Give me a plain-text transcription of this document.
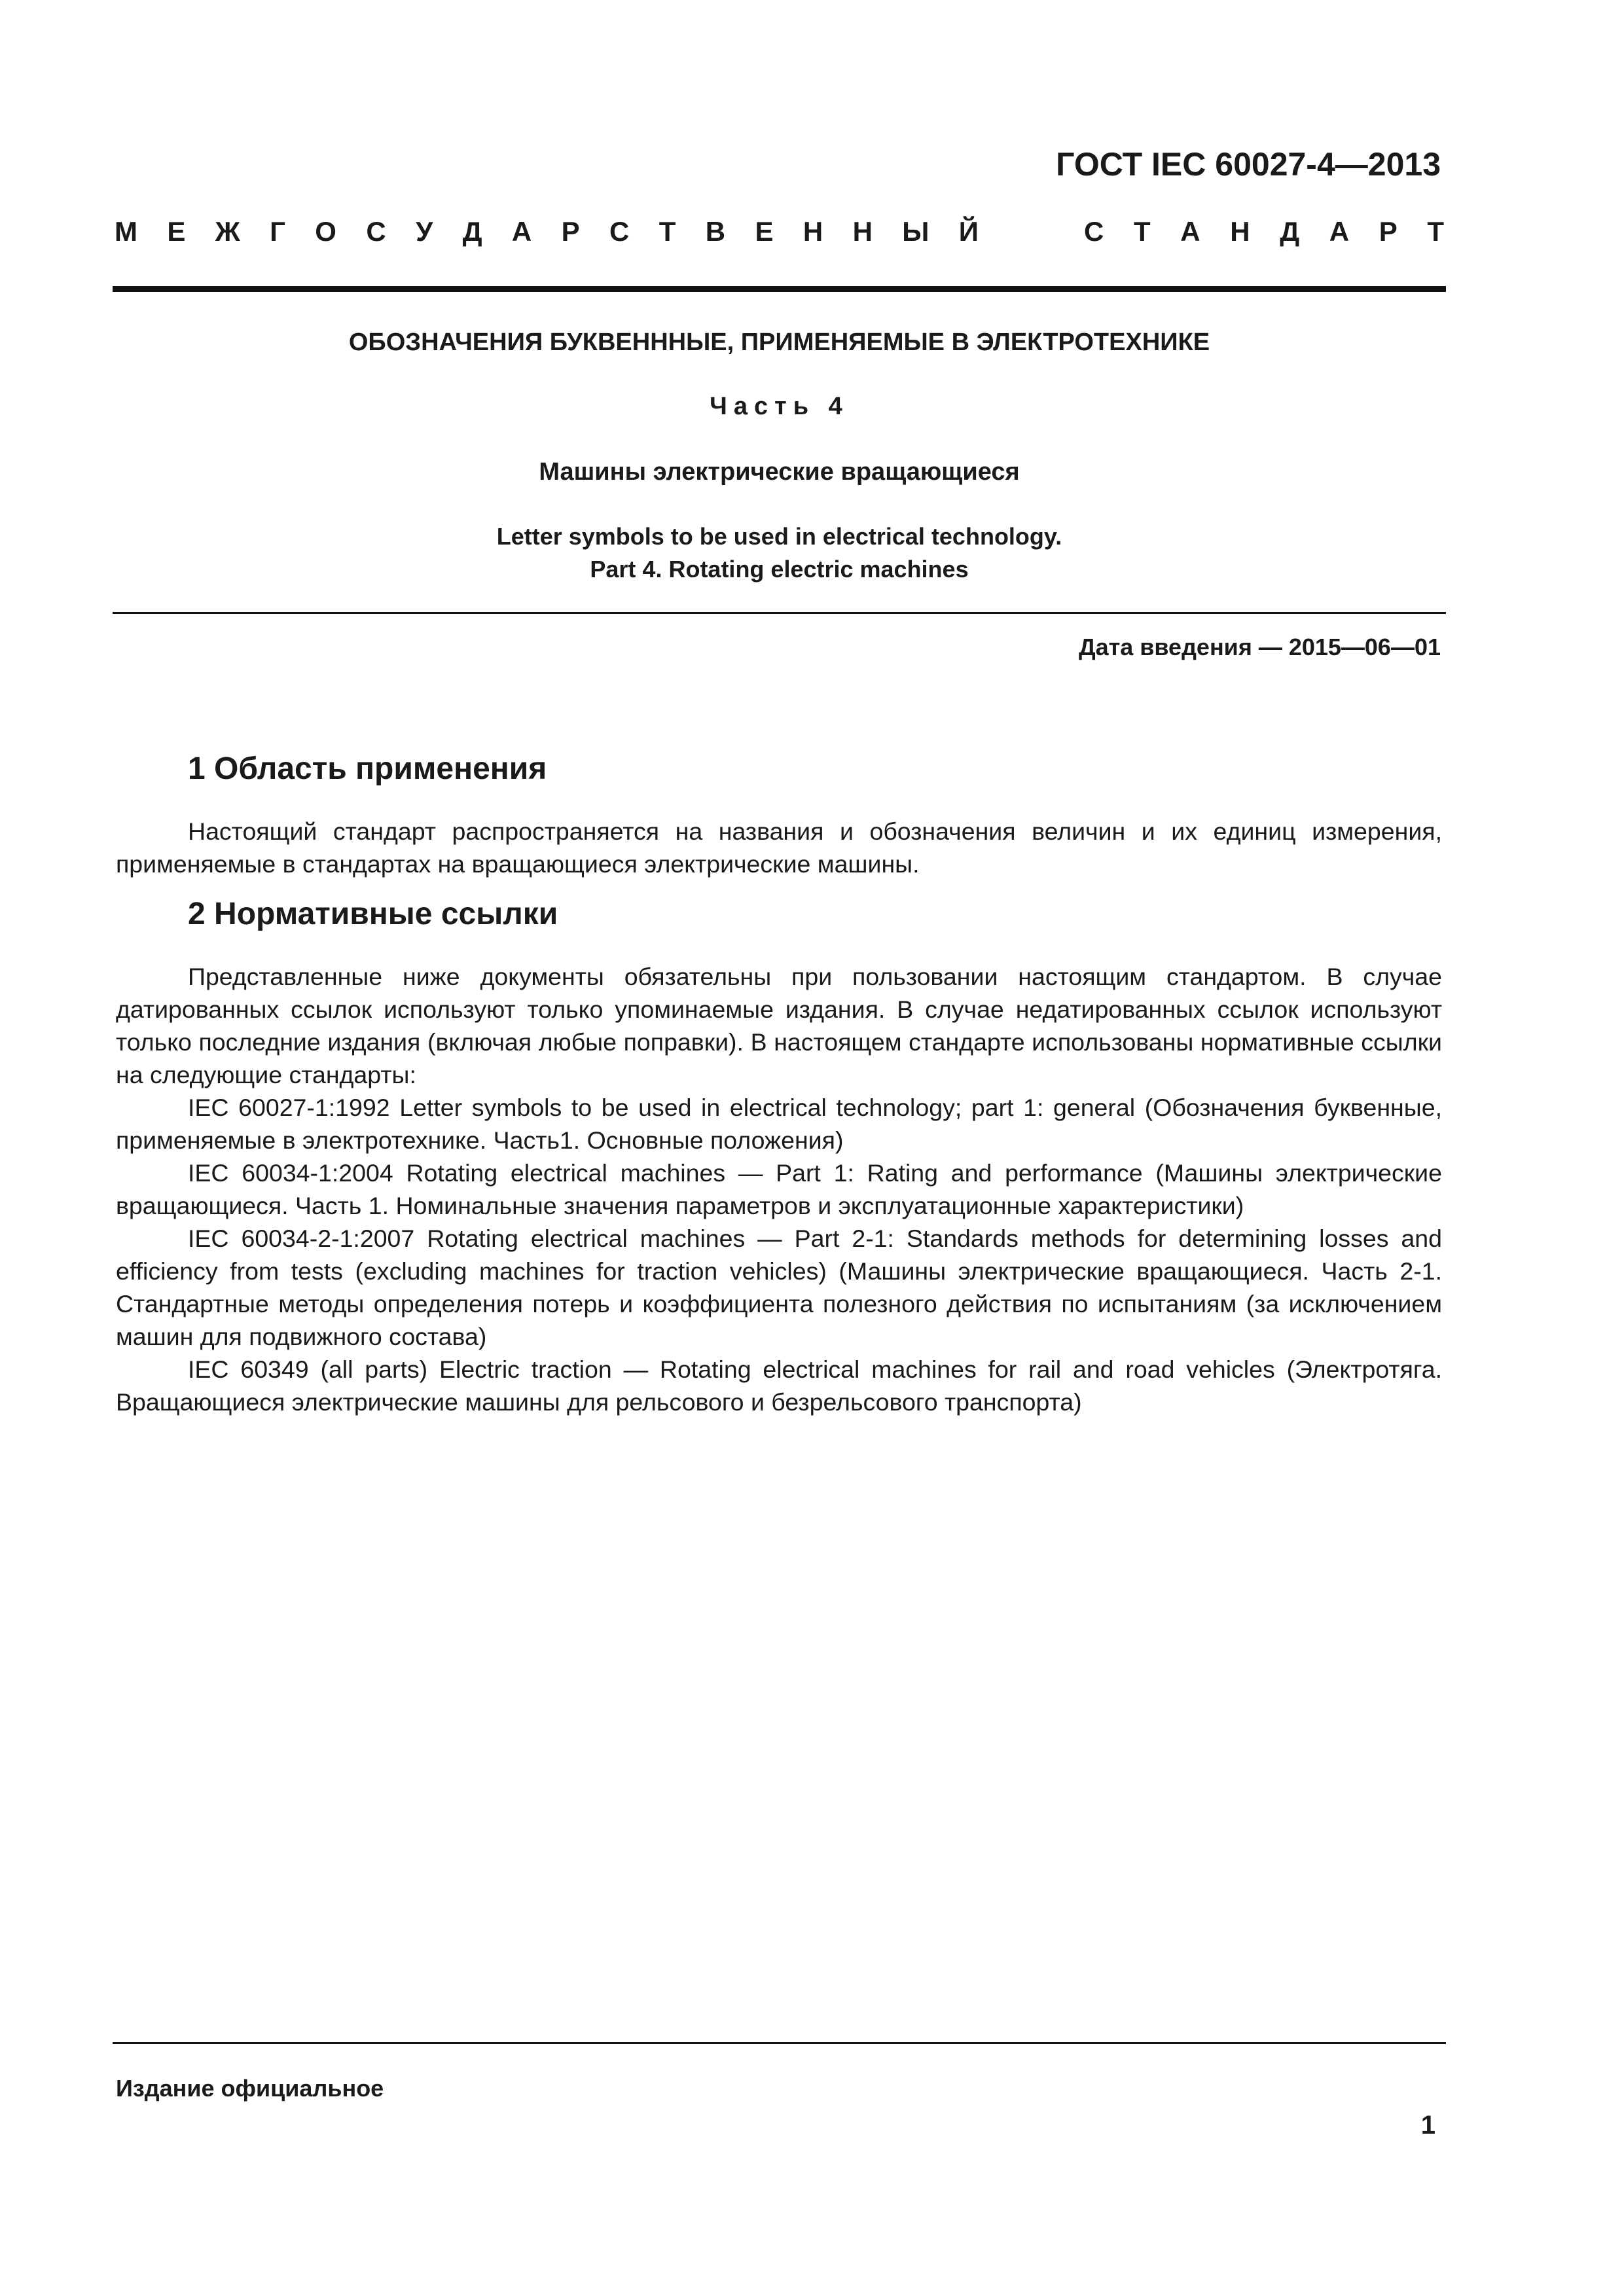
ГОСТ IEC 60027-4—2013
М Е Ж Г О С У Д А Р С Т В Е Н Н Ы Й	С Т А Н Д А Р Т
ОБОЗНАЧЕНИЯ БУКВЕНННЫЕ, ПРИМЕНЯЕМЫЕ В ЭЛЕКТРОТЕХНИКЕ
Часть 4
Машины электрические вращающиеся
Letter symbols to be used in electrical technology.
Part 4. Rotating electric machines
Дата введения — 2015—06—01
1 Область применения

Настоящий стандарт распространяется на названия и обозначения величин и их единиц измерения, применяемые в стандартах на вращающиеся электрические машины.

2 Нормативные ссылки

Представленные ниже документы обязательны при пользовании настоящим стандартом. В случае датированных ссылок используют только упоминаемые издания. В случае недатированных ссылок используют только последние издания (включая любые поправки). В настоящем стандарте использованы нормативные ссылки на следующие стандарты:

IEC 60027-1:1992 Letter symbols to be used in electrical technology; part 1: general (Обозначения буквенные, применяемые в электротехнике. Часть1. Основные положения)

IEC 60034-1:2004 Rotating electrical machines — Part 1: Rating and performance (Машины электрические вращающиеся. Часть 1. Номинальные значения параметров и эксплуатационные характеристики)

IEC 60034-2-1:2007 Rotating electrical machines — Part 2-1: Standards methods for determining losses and efficiency from tests (excluding machines for traction vehicles) (Машины электрические вращающиеся. Часть 2-1. Стандартные методы определения потерь и коэффициента полезного действия по испытаниям (за исключением машин для подвижного состава)

IEC 60349 (all parts) Electric traction — Rotating electrical machines for rail and road vehicles (Электротяга. Вращающиеся электрические машины для рельсового и безрельсового транспорта)

Издание официальное
1
